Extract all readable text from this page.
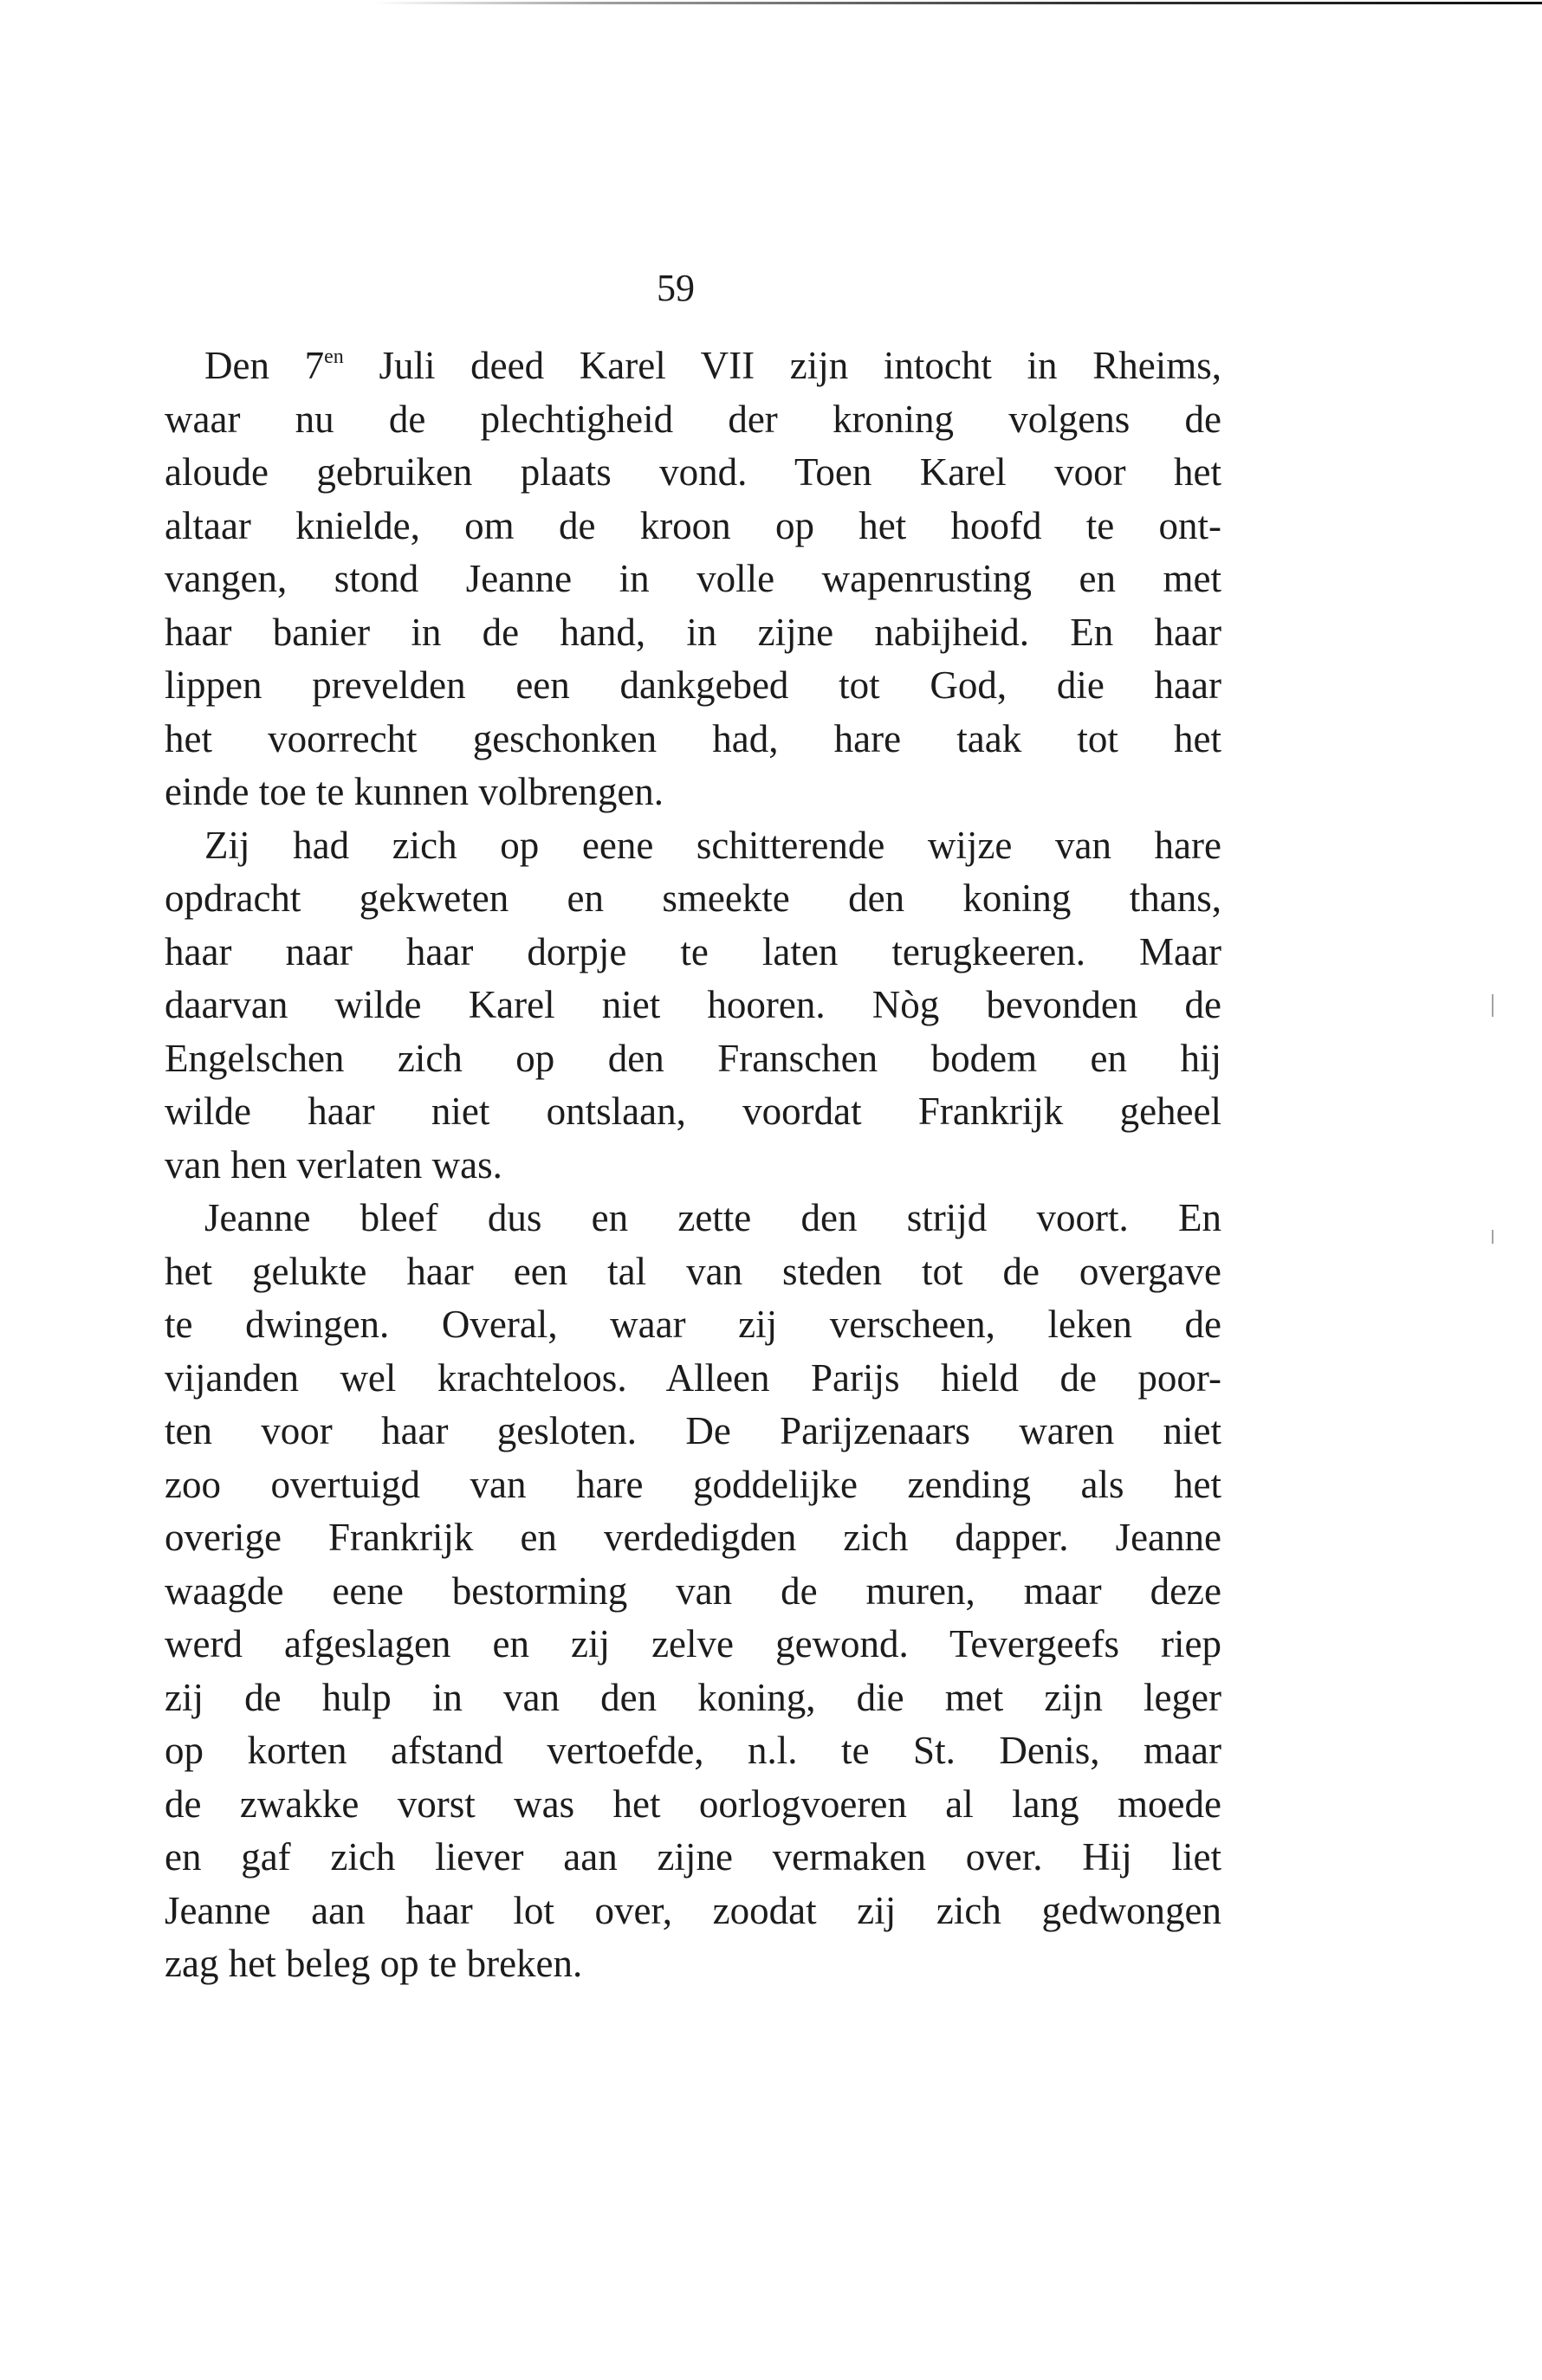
59
Den $7^{en}$ Juli deed Karel VII zijn intocht in Rheims,
waar nu de plechtigheid der kroning volgens de
aloude gebruiken plaats vond. Toen Karel voor het
altaar knielde, om de kroon op het hoofd te ont-
vangen, stond Jeanne in volle wapenrusting en met
haar banier in de hand, in zijne nabijheid. En haar
lippen prevelden een dankgebed tot God, die haar
het voorrecht geschonken had, hare taak tot het
einde toe te kunnen volbrengen.
Zij had zich op eene schitterende wijze van hare
opdracht gekweten en smeekte den koning thans,
haar naar haar dorpje te laten terugkeeren. Maar
daarvan wilde Karel niet hooren. Nòg bevonden de
Engelschen zich op den Franschen bodem en hij
wilde haar niet ontslaan, voordat Frankrijk geheel
van hen verlaten was.
Jeanne bleef dus en zette den strijd voort. En
het gelukte haar een tal van steden tot de overgave
te dwingen. Overal, waar zij verscheen, leken de
vijanden wel krachteloos. Alleen Parijs hield de poor-
ten voor haar gesloten. De Parijzenaars waren niet
zoo overtuigd van hare goddelijke zending als het
overige Frankrijk en verdedigden zich dapper. Jeanne
waagde eene bestorming van de muren, maar deze
werd afgeslagen en zij zelve gewond. Tevergeefs riep
zij de hulp in van den koning, die met zijn leger
op korten afstand vertoefde, n.l. te St. Denis, maar
de zwakke vorst was het oorlogvoeren al lang moede
en gaf zich liever aan zijne vermaken over. Hij liet
Jeanne aan haar lot over, zoodat zij zich gedwongen
zag het beleg op te breken.
